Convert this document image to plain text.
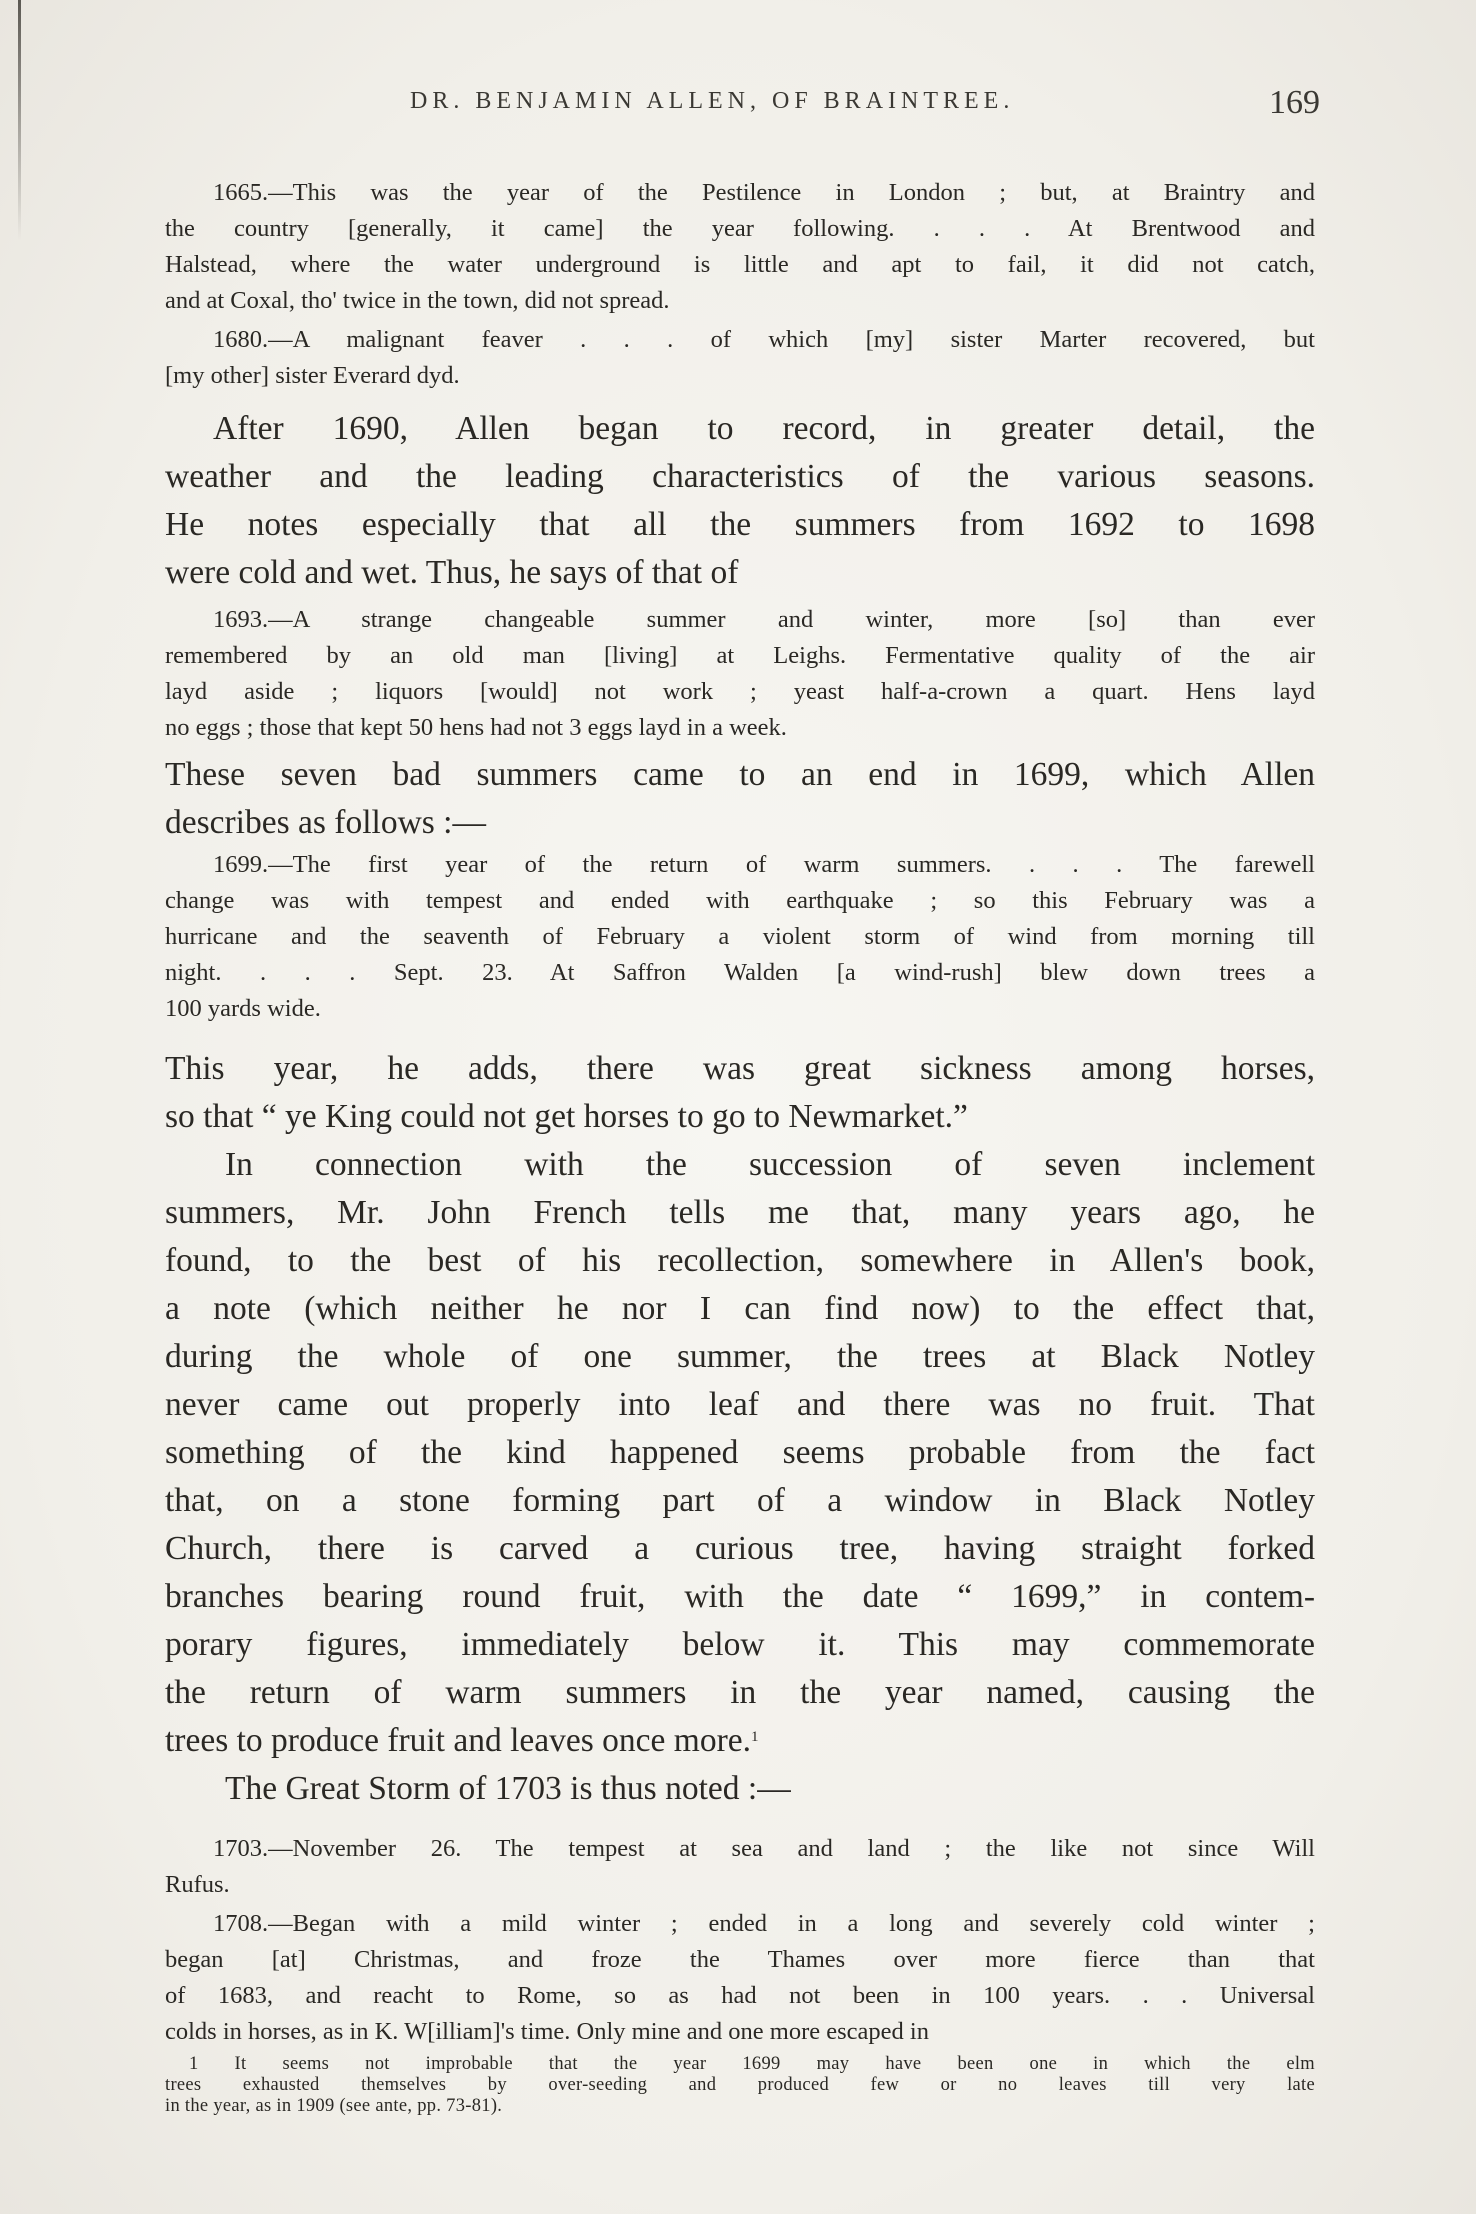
DR. BENJAMIN ALLEN, OF BRAINTREE.	169
1665.—This was the year of the Pestilence in London ; but, at Braintry and
the country [generally, it came] the year following. . . . At Brentwood and
Halstead, where the water underground is little and apt to fail, it did not catch,
and at Coxal, tho' twice in the town, did not spread.
1680.—A malignant feaver . . . of which [my] sister Marter recovered, but
[my other] sister Everard dyd.
After 1690, Allen began to record, in greater detail, the
weather and the leading characteristics of the various seasons.
He notes especially that all the summers from 1692 to 1698
were cold and wet. Thus, he says of that of
1693.—A strange changeable summer and winter, more [so] than ever
remembered by an old man [living] at Leighs. Fermentative quality of the air
layd aside ; liquors [would] not work ; yeast half-a-crown a quart. Hens layd
no eggs ; those that kept 50 hens had not 3 eggs layd in a week.
These seven bad summers came to an end in 1699, which Allen
describes as follows :—
1699.—The first year of the return of warm summers. . . . The farewell
change was with tempest and ended with earthquake ; so this February was a
hurricane and the seaventh of February a violent storm of wind from morning till
night. . . . Sept. 23. At Saffron Walden [a wind-rush] blew down trees a
100 yards wide.
This year, he adds, there was great sickness among horses,
so that “ ye King could not get horses to go to Newmarket.”
In connection with the succession of seven inclement
summers, Mr. John French tells me that, many years ago, he
found, to the best of his recollection, somewhere in Allen's book,
a note (which neither he nor I can find now) to the effect that,
during the whole of one summer, the trees at Black Notley
never came out properly into leaf and there was no fruit. That
something of the kind happened seems probable from the fact
that, on a stone forming part of a window in Black Notley
Church, there is carved a curious tree, having straight forked
branches bearing round fruit, with the date “ 1699,” in contem-
porary figures, immediately below it. This may commemorate
the return of warm summers in the year named, causing the
trees to produce fruit and leaves once more.$^1$
The Great Storm of 1703 is thus noted :—
1703.—November 26. The tempest at sea and land ; the like not since Will
Rufus.
1708.—Began with a mild winter ; ended in a long and severely cold winter ;
began [at] Christmas, and froze the Thames over more fierce than that
of 1683, and reacht to Rome, so as had not been in 100 years. . . Universal
colds in horses, as in K. W[illiam]'s time. Only mine and one more escaped in
1 It seems not improbable that the year 1699 may have been one in which the elm
trees exhausted themselves by over-seeding and produced few or no leaves till very late
in the year, as in 1909 (see ante, pp. 73-81).
